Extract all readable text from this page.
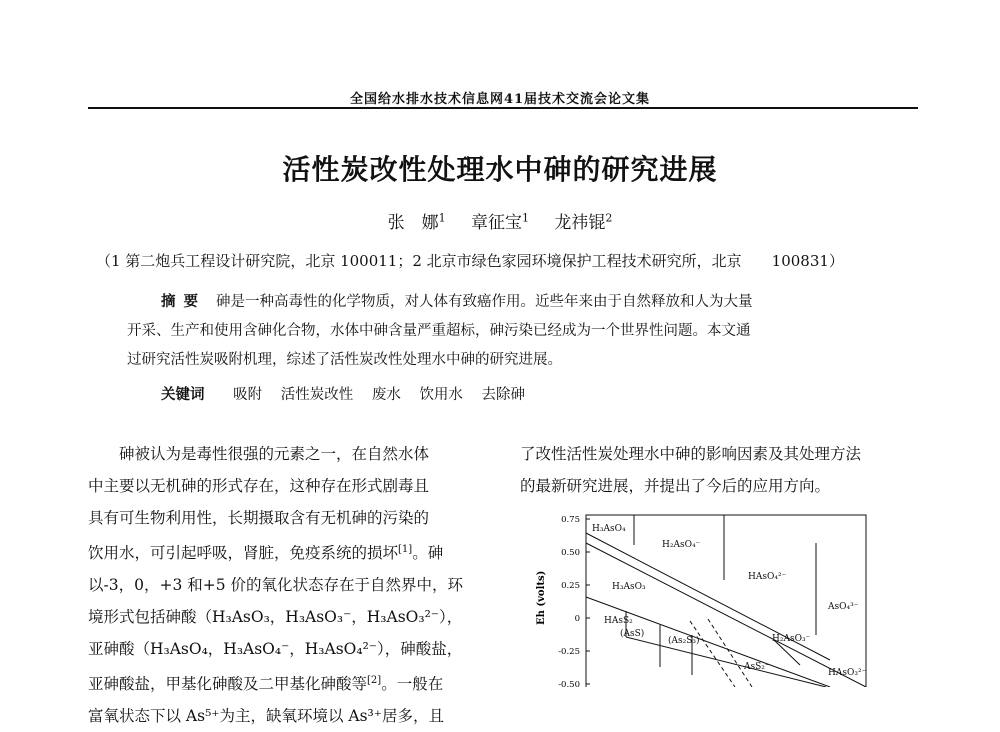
全国给水排水技术信息网41届技术交流会论文集
活性炭改性处理水中砷的研究进展
张　娜$^1$ 章征宝$^1$ 龙祎锟$^2$
（1 第二炮兵工程设计研究院，北京 100011；2 北京市绿色家园环境保护工程技术研究所，北京　　100831）
摘要 砷是一种高毒性的化学物质，对人体有致癌作用。近些年来由于自然释放和人为大量
开采、生产和使用含砷化合物，水体中砷含量严重超标，砷污染已经成为一个世界性问题。本文通
过研究活性炭吸附机理，综述了活性炭改性处理水中砷的研究进展。
关键词 吸附 活性炭改性 废水 饮用水 去除砷

砷被认为是毒性很强的元素之一，在自然水体

中主要以无机砷的形式存在，这种存在形式剧毒且
具有可生物利用性，长期摄取含有无机砷的污染的
饮用水，可引起呼吸，肾脏，免疫系统的损坏[1]。砷
以-3，0，+3 和+5 价的氧化状态存在于自然界中，环
境形式包括砷酸（H₃AsO₃，H₃AsO₃⁻，H₃AsO₃²⁻），
亚砷酸（H₃AsO₄，H₃AsO₄⁻，H₃AsO₄²⁻），砷酸盐，
亚砷酸盐，甲基化砷酸及二甲基化砷酸等[2]。一般在
富氧状态下以 As⁵⁺为主，缺氧环境以 As³⁺居多，且

了改性活性炭处理水中砷的影响因素及其处理方法

的最新研究进展，并提出了今后的应用方向。

Eh (volts)
0.75
0.50
0.25
0
-0.25
-0.50
H₃AsO₄
H₂AsO₄⁻
HAsO₄²⁻
AsO₄³⁻
H₃AsO₃
HAsS₂
(AsS)
(As₂S₃)	H₂AsO₃⁻
AsS₂⁻
HAsO₃²⁻
